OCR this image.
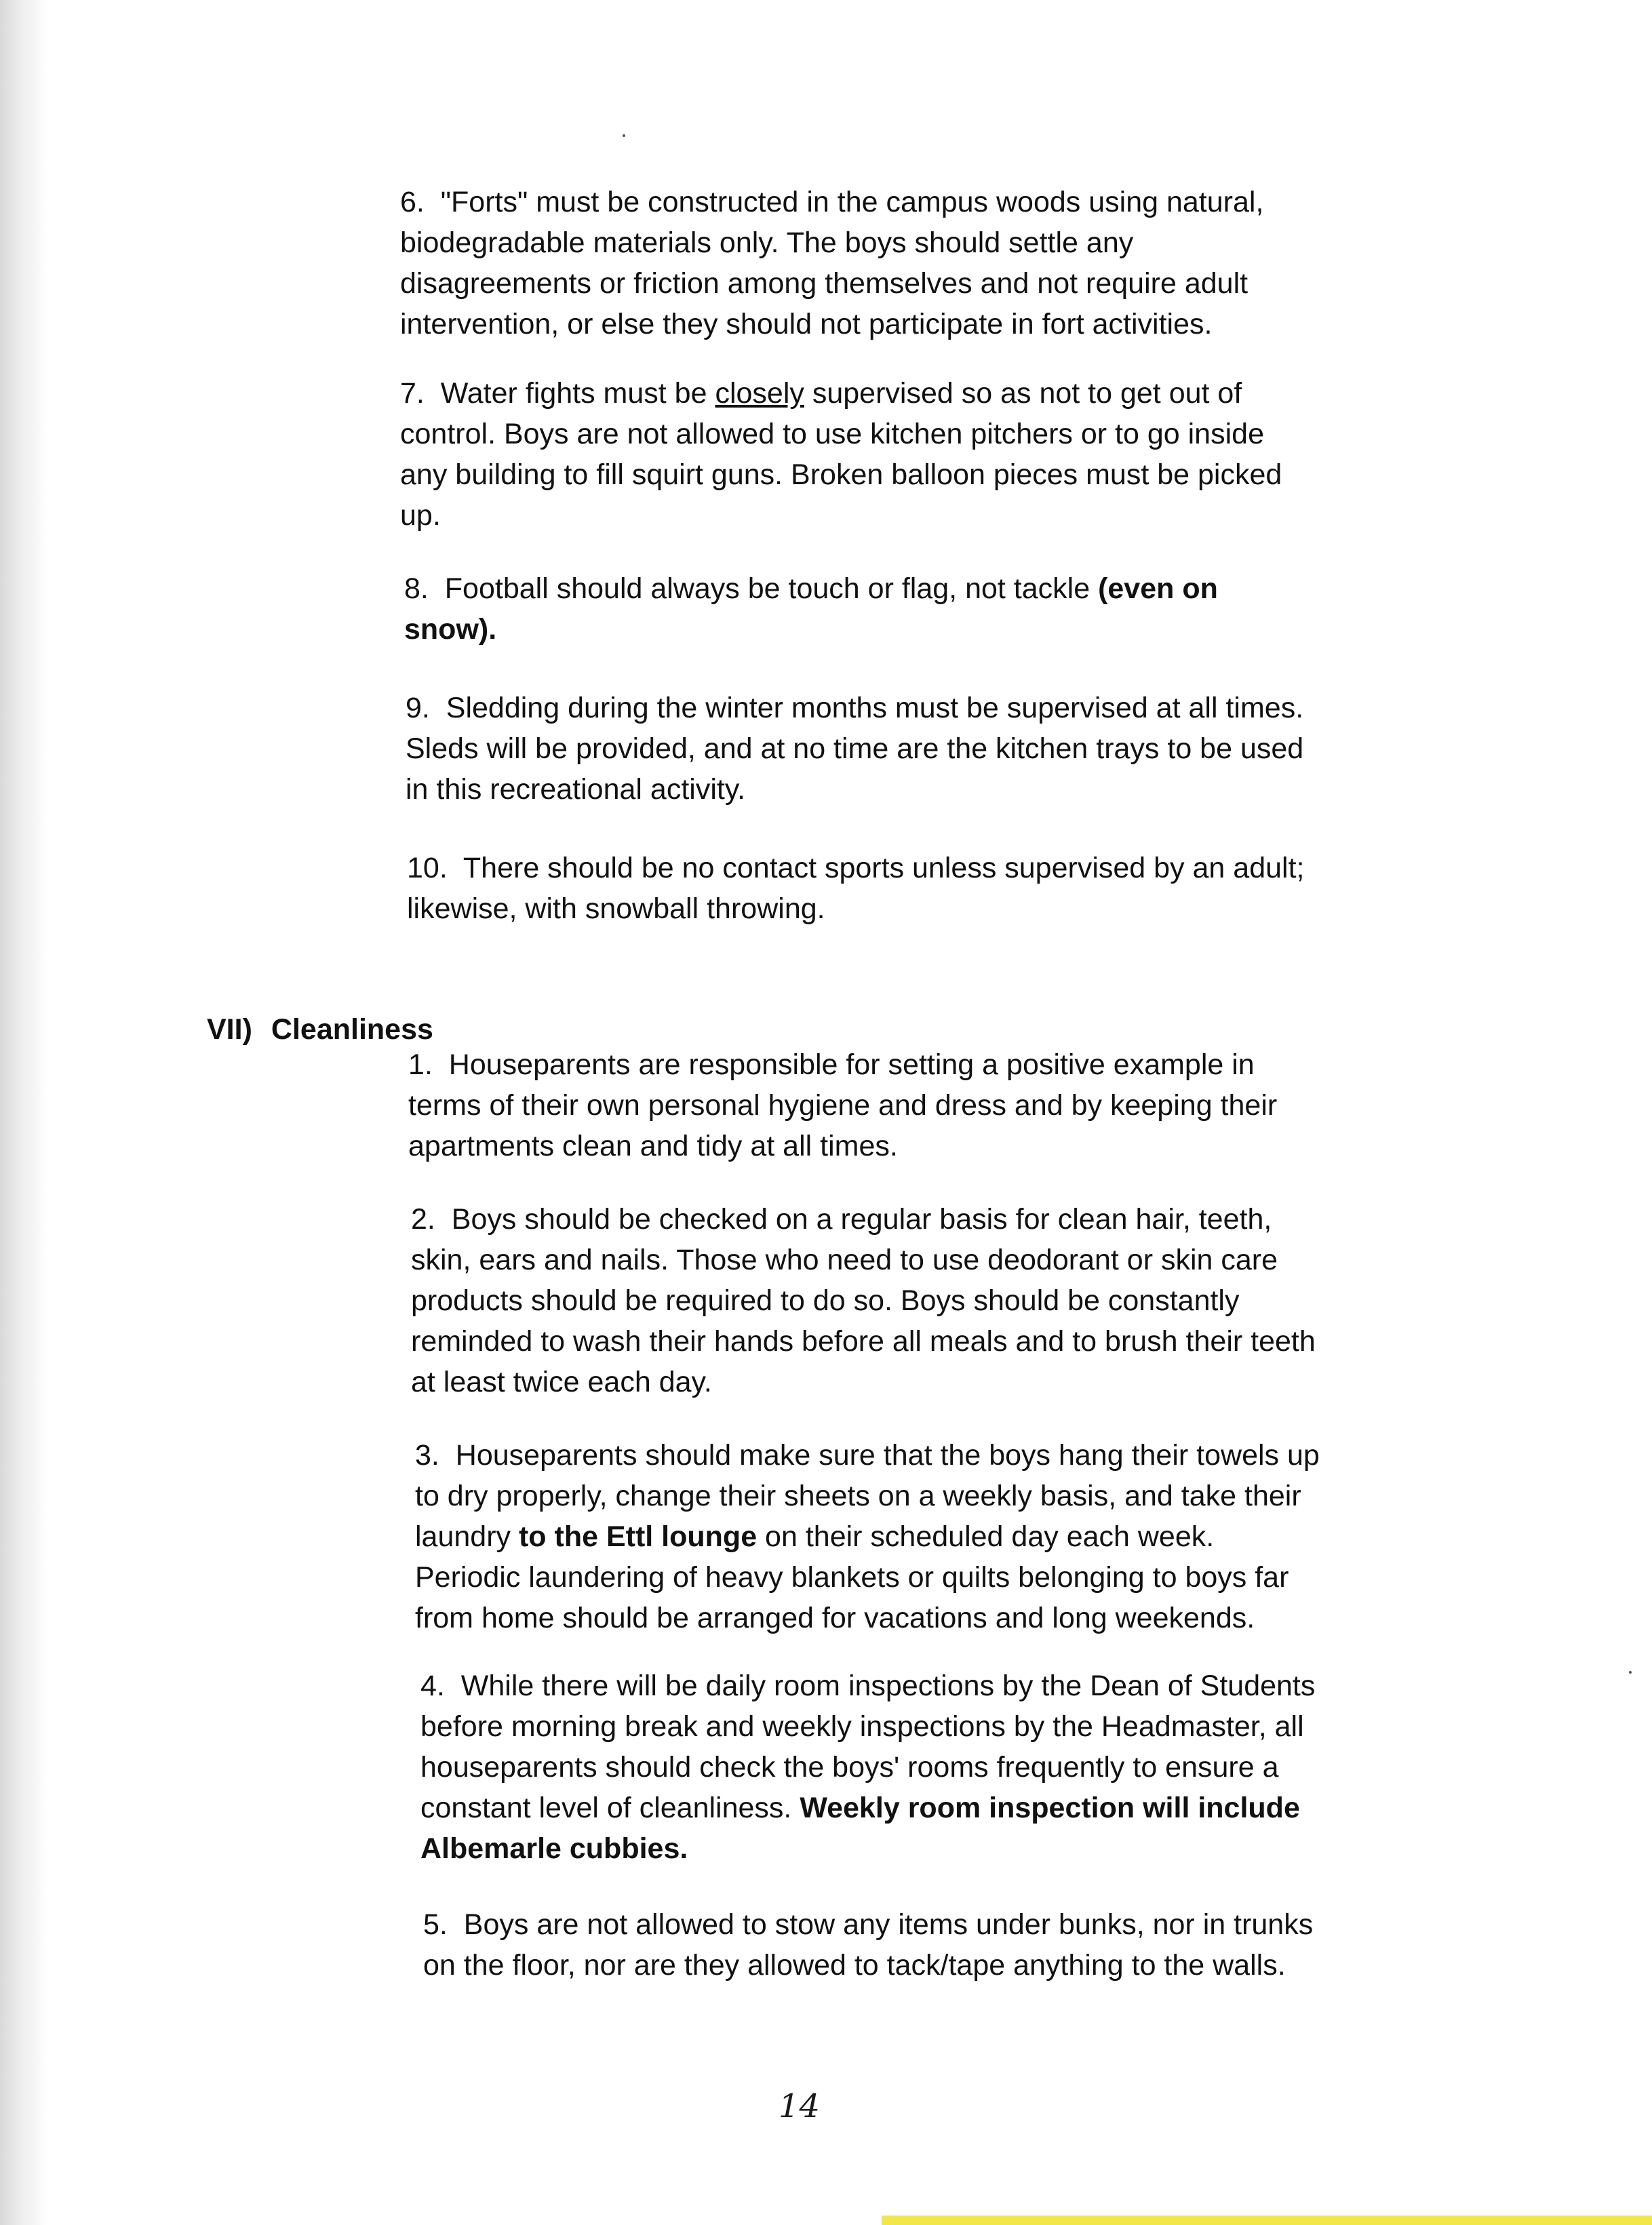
6. "Forts" must be constructed in the campus woods using natural,

biodegradable materials only. The boys should settle any

disagreements or friction among themselves and not require adult

intervention, or else they should not participate in fort activities.

7. Water fights must be closely supervised so as not to get out of

control. Boys are not allowed to use kitchen pitchers or to go inside

any building to fill squirt guns. Broken balloon pieces must be picked

up.

8. Football should always be touch or flag, not tackle (even on

snow).

9. Sledding during the winter months must be supervised at all times.

Sleds will be provided, and at no time are the kitchen trays to be used

in this recreational activity.

10. There should be no contact sports unless supervised by an adult;

likewise, with snowball throwing.

VII) Cleanliness

1. Houseparents are responsible for setting a positive example in

terms of their own personal hygiene and dress and by keeping their

apartments clean and tidy at all times.

2. Boys should be checked on a regular basis for clean hair, teeth,

skin, ears and nails. Those who need to use deodorant or skin care

products should be required to do so. Boys should be constantly

reminded to wash their hands before all meals and to brush their teeth

at least twice each day.

3. Houseparents should make sure that the boys hang their towels up

to dry properly, change their sheets on a weekly basis, and take their

laundry to the Ettl lounge on their scheduled day each week.

Periodic laundering of heavy blankets or quilts belonging to boys far

from home should be arranged for vacations and long weekends.

4. While there will be daily room inspections by the Dean of Students

before morning break and weekly inspections by the Headmaster, all

houseparents should check the boys' rooms frequently to ensure a

constant level of cleanliness. Weekly room inspection will include

Albemarle cubbies.

5. Boys are not allowed to stow any items under bunks, nor in trunks

on the floor, nor are they allowed to tack/tape anything to the walls.

14
